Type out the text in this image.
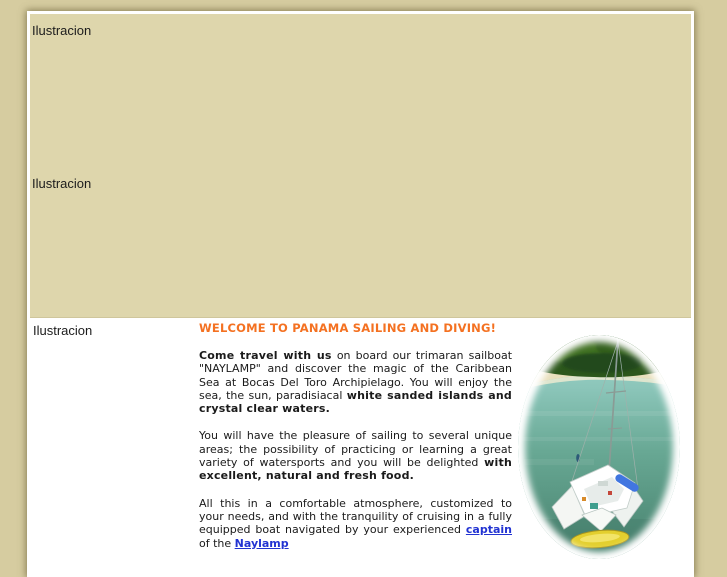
Ilustracion
Ilustracion
Ilustracion	WELCOME TO PANAMA SAILING AND DIVING!

Come travel with us on board our trimaran sailboat "NAYLAMP" and discover the magic of the Caribbean Sea at Bocas Del Toro Archipielago. You will enjoy the sea, the sun, paradisiacal white sanded islands and crystal clear waters.

You will have the pleasure of sailing to several unique areas; the possibility of practicing or learning a great variety of watersports and you will be delighted with excellent, natural and fresh food.

All this in a comfortable atmosphere, customized to your needs, and with the tranquility of cruising in a fully equipped boat navigated by your experienced captain of the Naylamp
